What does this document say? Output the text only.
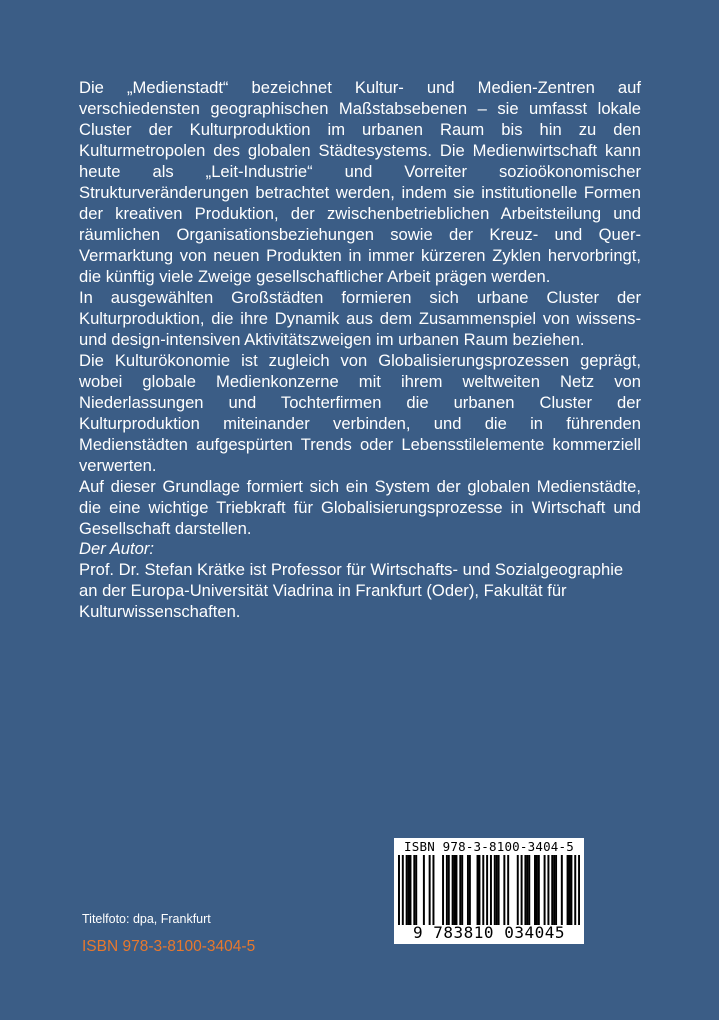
Die „Medienstadt“ bezeichnet Kultur- und Medien-Zentren auf verschiedensten geographischen Maßstabsebenen – sie umfasst lokale Cluster der Kulturproduktion im urbanen Raum bis hin zu den Kulturmetropolen des globalen Städtesystems. Die Medienwirtschaft kann heute als „Leit-Industrie“ und Vorreiter sozioökonomischer Strukturveränderungen betrachtet werden, indem sie institutionelle Formen der kreativen Produktion, der zwischenbetrieblichen Arbeitsteilung und räumlichen Organisationsbeziehungen sowie der Kreuz- und Quer-Vermarktung von neuen Produkten in immer kürzeren Zyklen hervorbringt, die künftig viele Zweige gesellschaftlicher Arbeit prägen werden.

In ausgewählten Großstädten formieren sich urbane Cluster der Kulturproduktion, die ihre Dynamik aus dem Zusammenspiel von wissens- und design-intensiven Aktivitätszweigen im urbanen Raum beziehen.

Die Kulturökonomie ist zugleich von Globalisierungsprozessen geprägt, wobei globale Medienkonzerne mit ihrem weltweiten Netz von Niederlassungen und Tochterfirmen die urbanen Cluster der Kulturproduktion miteinander verbinden, und die in führenden Medienstädten aufgespürten Trends oder Lebensstilelemente kommerziell verwerten.

Auf dieser Grundlage formiert sich ein System der globalen Medienstädte, die eine wichtige Triebkraft für Globalisierungsprozesse in Wirtschaft und Gesellschaft darstellen.

Der Autor:

Prof. Dr. Stefan Krätke ist Professor für Wirtschafts- und Sozialgeographie an der Europa-Universität Viadrina in Frankfurt (Oder), Fakultät für Kulturwissenschaften.

Titelfoto: dpa, Frankfurt
ISBN 978-3-8100-3404-5
ISBN 978-3-8100-3404-5
9 783810 034045
